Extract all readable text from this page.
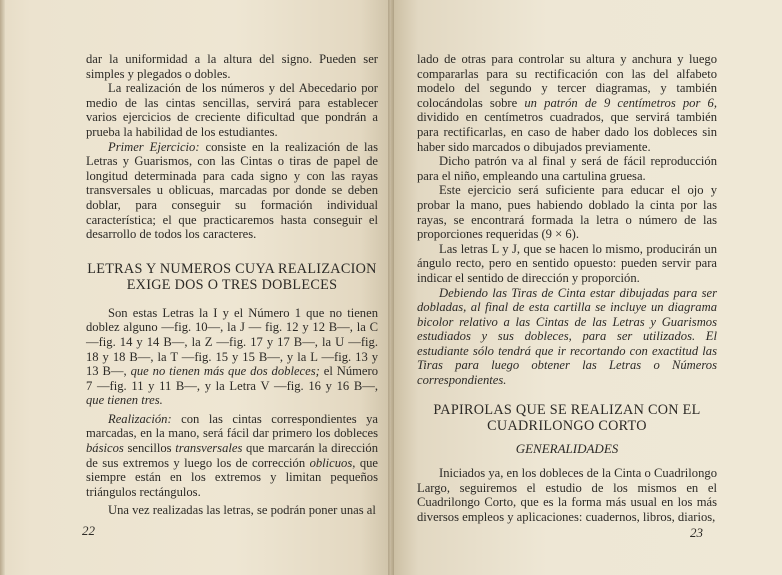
dar la uniformidad a la altura del signo. Pueden ser simples y plegados o dobles.

La realización de los números y del Abecedario por medio de las cintas sencillas, servirá para establecer varios ejercicios de creciente dificultad que pondrán a prueba la habilidad de los estudiantes.

Primer Ejercicio: consiste en la realización de las Letras y Guarismos, con las Cintas o tiras de papel de longitud determinada para cada signo y con las rayas transversales u oblicuas, marcadas por donde se deben doblar, para conseguir su formación individual característica; el que practicaremos hasta conseguir el desarrollo de todos los caracteres.

LETRAS Y NUMEROS CUYA REALIZACION EXIGE DOS O TRES DOBLECES

Son estas Letras la I y el Número 1 que no tienen doblez alguno —fig. 10—, la J — fig. 12 y 12 B—, la C —fig. 14 y 14 B—, la Z —fig. 17 y 17 B—, la U —fig. 18 y 18 B—, la T —fig. 15 y 15 B—, y la L —fig. 13 y 13 B—, que no tienen más que dos dobleces; el Número 7 —fig. 11 y 11 B—, y la Letra V —fig. 16 y 16 B—, que tienen tres.

Realización: con las cintas correspondientes ya marcadas, en la mano, será fácil dar primero los dobleces básicos sencillos transversales que marcarán la dirección de sus extremos y luego los de corrección oblicuos, que siempre están en los extremos y limitan pequeños triángulos rectángulos.

Una vez realizadas las letras, se podrán poner unas al

22

lado de otras para controlar su altura y anchura y luego compararlas para su rectificación con las del alfabeto modelo del segundo y tercer diagramas, y también colocándolas sobre un patrón de 9 centímetros por 6, dividido en centímetros cuadrados, que servirá también para rectificarlas, en caso de haber dado los dobleces sin haber sido marcados o dibujados previamente.

Dicho patrón va al final y será de fácil reproducción para el niño, empleando una cartulina gruesa.

Este ejercicio será suficiente para educar el ojo y probar la mano, pues habiendo doblado la cinta por las rayas, se encontrará formada la letra o número de las proporciones requeridas (9 × 6).

Las letras L y J, que se hacen lo mismo, producirán un ángulo recto, pero en sentido opuesto: pueden servir para indicar el sentido de dirección y proporción.

Debiendo las Tiras de Cinta estar dibujadas para ser dobladas, al final de esta cartilla se incluye un diagrama bicolor relativo a las Cintas de las Letras y Guarismos estudiados y sus dobleces, para ser utilizados. El estudiante sólo tendrá que ir recortando con exactitud las Tiras para luego obtener las Letras o Números correspondientes.

PAPIROLAS QUE SE REALIZAN CON EL CUADRILONGO CORTO
GENERALIDADES

Iniciados ya, en los dobleces de la Cinta o Cuadrilongo Largo, seguiremos el estudio de los mismos en el Cuadrilongo Corto, que es la forma más usual en los más diversos empleos y aplicaciones: cuadernos, libros, diarios,

23
